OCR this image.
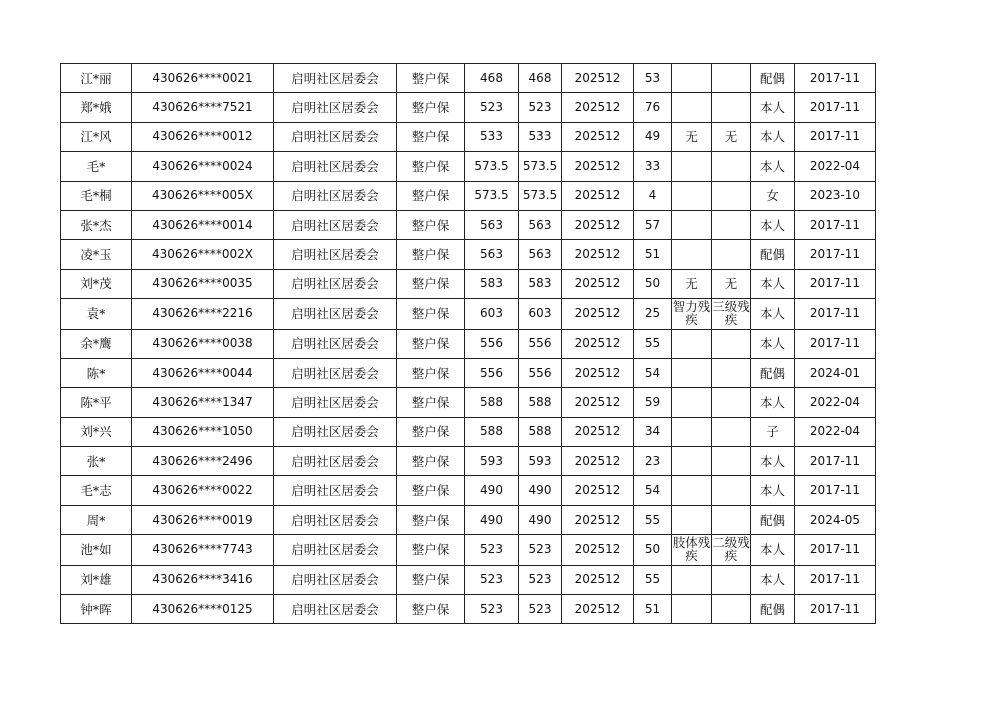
江*丽	430626****0021	启明社区居委会	整户保	468	468	202512	53			配偶	2017-11
郑*娥	430626****7521	启明社区居委会	整户保	523	523	202512	76			本人	2017-11
江*风	430626****0012	启明社区居委会	整户保	533	533	202512	49	无	无	本人	2017-11
毛*	430626****0024	启明社区居委会	整户保	573.5	573.5	202512	33			本人	2022-04
毛*桐	430626****005X	启明社区居委会	整户保	573.5	573.5	202512	4			女	2023-10
张*杰	430626****0014	启明社区居委会	整户保	563	563	202512	57			本人	2017-11
凌*玉	430626****002X	启明社区居委会	整户保	563	563	202512	51			配偶	2017-11
刘*茂	430626****0035	启明社区居委会	整户保	583	583	202512	50	无	无	本人	2017-11
袁*	430626****2216	启明社区居委会	整户保	603	603	202512	25	智力残疾	三级残疾	本人	2017-11
余*鹰	430626****0038	启明社区居委会	整户保	556	556	202512	55			本人	2017-11
陈*	430626****0044	启明社区居委会	整户保	556	556	202512	54			配偶	2024-01
陈*平	430626****1347	启明社区居委会	整户保	588	588	202512	59			本人	2022-04
刘*兴	430626****1050	启明社区居委会	整户保	588	588	202512	34			子	2022-04
张*	430626****2496	启明社区居委会	整户保	593	593	202512	23			本人	2017-11
毛*志	430626****0022	启明社区居委会	整户保	490	490	202512	54			本人	2017-11
周*	430626****0019	启明社区居委会	整户保	490	490	202512	55			配偶	2024-05
池*如	430626****7743	启明社区居委会	整户保	523	523	202512	50	肢体残疾	二级残疾	本人	2017-11
刘*雄	430626****3416	启明社区居委会	整户保	523	523	202512	55			本人	2017-11
钟*晖	430626****0125	启明社区居委会	整户保	523	523	202512	51			配偶	2017-11
